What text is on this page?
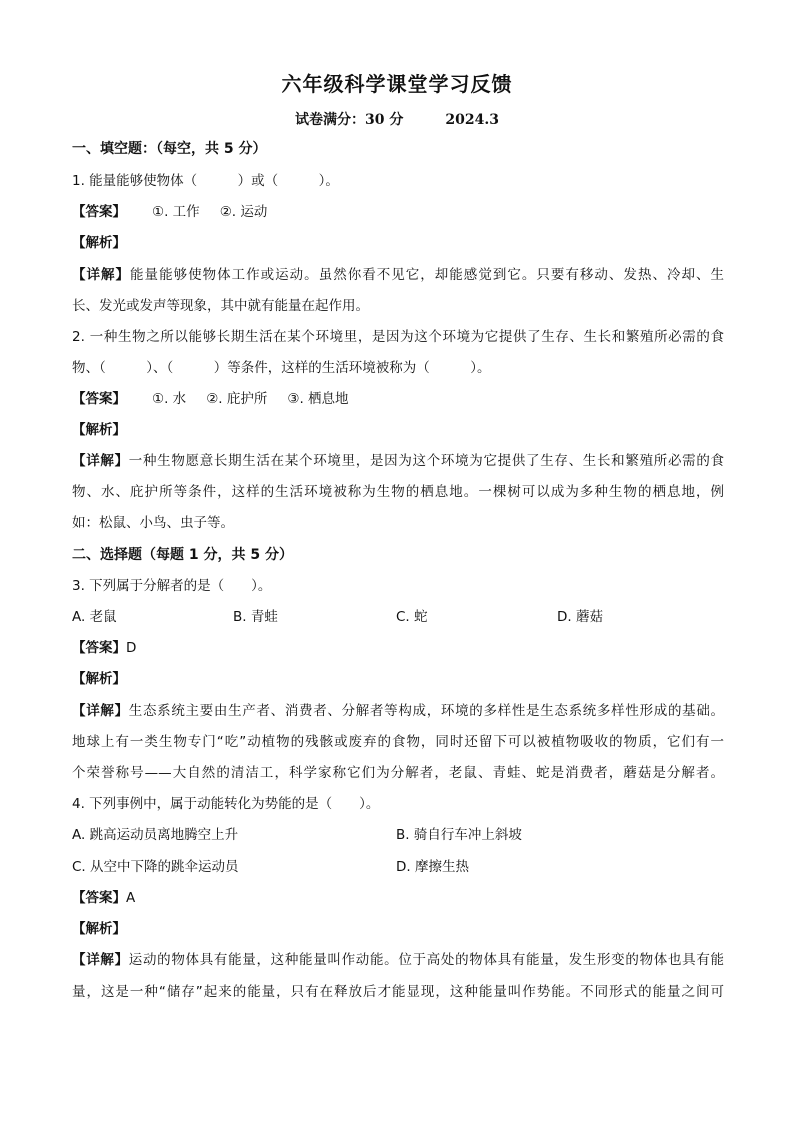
六年级科学课堂学习反馈
试卷满分：30 分	2024.3
一、填空题：（每空，共 5 分）
1. 能量能够使物体（　　　）或（　　　）。
【答案】 ①. 工作 ②. 运动
【解析】
【详解】能量能够使物体工作或运动。虽然你看不见它，却能感觉到它。只要有移动、发热、冷却、生
长、发光或发声等现象，其中就有能量在起作用。
2. 一种生物之所以能够长期生活在某个环境里，是因为这个环境为它提供了生存、生长和繁殖所必需的食
物、（　　　）、（　　　）等条件，这样的生活环境被称为（　　　）。
【答案】 ①. 水 ②. 庇护所 ③. 栖息地
【解析】
【详解】一种生物愿意长期生活在某个环境里，是因为这个环境为它提供了生存、生长和繁殖所必需的食
物、水、庇护所等条件，这样的生活环境被称为生物的栖息地。一棵树可以成为多种生物的栖息地，例
如：松鼠、小鸟、虫子等。
二、选择题（每题 1 分，共 5 分）
3. 下列属于分解者的是（　　）。
A. 老鼠	B. 青蛙	C. 蛇	D. 蘑菇
【答案】D
【解析】
【详解】生态系统主要由生产者、消费者、分解者等构成，环境的多样性是生态系统多样性形成的基础。
地球上有一类生物专门“吃”动植物的残骸或废弃的食物，同时还留下可以被植物吸收的物质，它们有一
个荣誉称号——大自然的清洁工，科学家称它们为分解者，老鼠、青蛙、蛇是消费者，蘑菇是分解者。
4. 下列事例中，属于动能转化为势能的是（　　）。
A. 跳高运动员离地腾空上升	B. 骑自行车冲上斜坡
C. 从空中下降的跳伞运动员	D. 摩擦生热
【答案】A
【解析】
【详解】运动的物体具有能量，这种能量叫作动能。位于高处的物体具有能量，发生形变的物体也具有能
量，这是一种“储存”起来的能量，只有在释放后才能显现，这种能量叫作势能。不同形式的能量之间可
